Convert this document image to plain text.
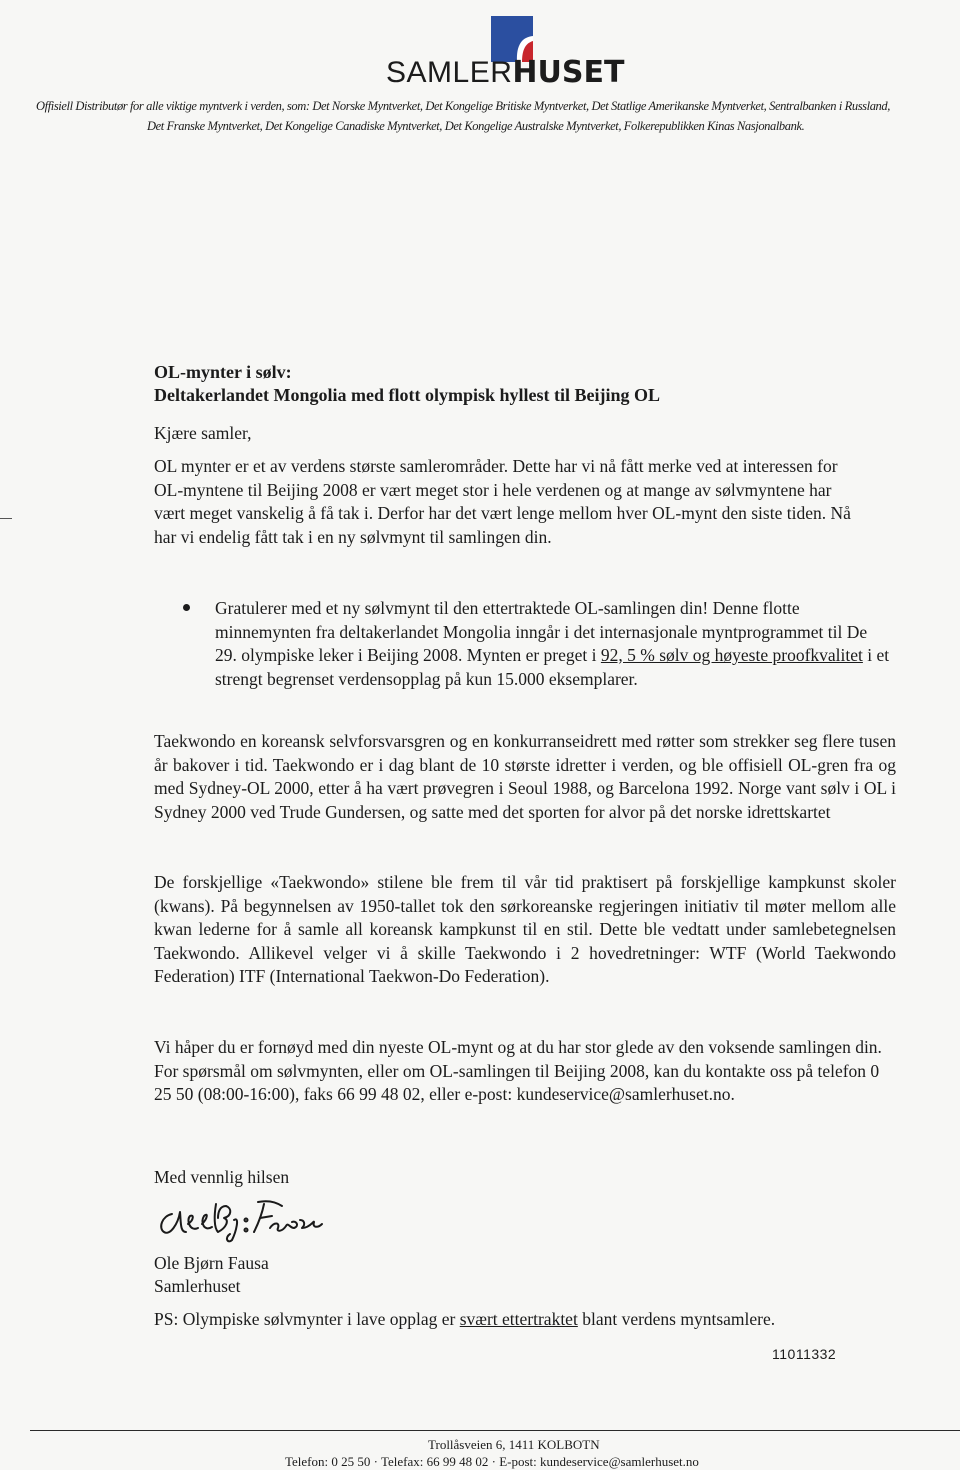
SAMLERHUSET
Offisiell Distributør for alle viktige myntverk i verden, som: Det Norske Myntverket, Det Kongelige Britiske Myntverket, Det Statlige Amerikanske Myntverket, Sentralbanken i Russland,
Det Franske Myntverket, Det Kongelige Canadiske Myntverket, Det Kongelige Australske Myntverket, Folkerepublikken Kinas Nasjonalbank.
OL-mynter i sølv:
Deltakerlandet Mongolia med flott olympisk hyllest til Beijing OL
Kjære samler,
OL mynter er et av verdens største samlerområder. Dette har vi nå fått merke ved at interessen for OL-myntene til Beijing 2008 er vært meget stor i hele verdenen og at mange av sølvmyntene har vært meget vanskelig å få tak i. Derfor har det vært lenge mellom hver OL-mynt den siste tiden. Nå har vi endelig fått tak i en ny sølvmynt til samlingen din.
Gratulerer med et ny sølvmynt til den ettertraktede OL-samlingen din! Denne flotte minnemynten fra deltakerlandet Mongolia inngår i det internasjonale myntprogrammet til De 29. olympiske leker i Beijing 2008. Mynten er preget i 92, 5 % sølv og høyeste proofkvalitet i et strengt begrenset verdensopplag på kun 15.000 eksemplarer.
Taekwondo en koreansk selvforsvarsgren og en konkurranseidrett med røtter som strekker seg flere tusen år bakover i tid. Taekwondo er i dag blant de 10 største idretter i verden, og ble offisiell OL-gren fra og med Sydney-OL 2000, etter å ha vært prøvegren i Seoul 1988, og Barcelona 1992. Norge vant sølv i OL i Sydney 2000 ved Trude Gundersen, og satte med det sporten for alvor på det norske idrettskartet
De forskjellige «Taekwondo» stilene ble frem til vår tid praktisert på forskjellige kampkunst skoler (kwans). På begynnelsen av 1950-tallet tok den sørkoreanske regjeringen initiativ til møter mellom alle kwan lederne for å samle all koreansk kampkunst til en stil. Dette ble vedtatt under samlebetegnelsen Taekwondo. Allikevel velger vi å skille Taekwondo i 2 hovedretninger: WTF (World Taekwondo Federation) ITF (International Taekwon-Do Federation).
Vi håper du er fornøyd med din nyeste OL-mynt og at du har stor glede av den voksende samlingen din. For spørsmål om sølvmynten, eller om OL-samlingen til Beijing 2008, kan du kontakte oss på telefon 0 25 50 (08:00-16:00), faks 66 99 48 02, eller e-post: kundeservice@samlerhuset.no.
Med vennlig hilsen
Ole Bjørn Fausa
Samlerhuset
PS: Olympiske sølvmynter i lave opplag er svært ettertraktet blant verdens myntsamlere.
11011332
Trollåsveien 6, 1411 KOLBOTN
Telefon: 0 25 50 · Telefax: 66 99 48 02 · E-post: kundeservice@samlerhuset.no
